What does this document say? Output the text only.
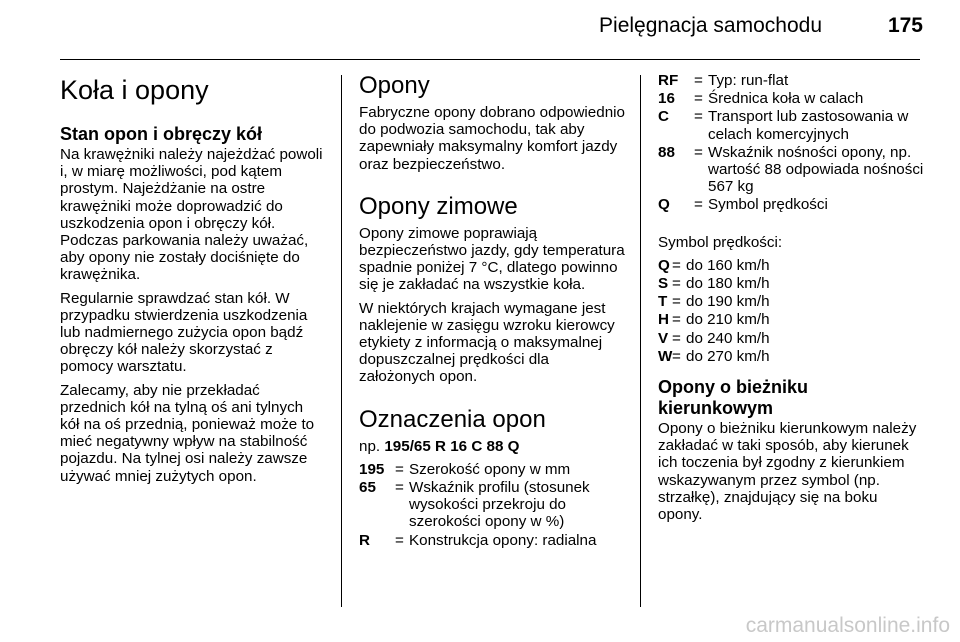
Pielęgnacja samochodu	175
Koła i opony
Stan opon i obręczy kół

Na krawężniki należy najeżdżać powoli i, w miarę możliwości, pod kątem prostym. Najeżdżanie na ostre krawężniki może doprowadzić do uszkodzenia opon i obręczy kół. Podczas parkowania należy uważać, aby opony nie zostały dociśnięte do krawężnika.

Regularnie sprawdzać stan kół. W przypadku stwierdzenia uszkodzenia lub nadmiernego zużycia opon bądź obręczy kół należy skorzystać z pomocy warsztatu.

Zalecamy, aby nie przekładać przednich kół na tylną oś ani tylnych kół na oś przednią, ponieważ może to mieć negatywny wpływ na stabilność pojazdu. Na tylnej osi należy zawsze używać mniej zużytych opon.

Opony

Fabryczne opony dobrano odpowiednio do podwozia samochodu, tak aby zapewniały maksymalny komfort jazdy oraz bezpieczeństwo.

Opony zimowe

Opony zimowe poprawiają bezpieczeństwo jazdy, gdy temperatura spadnie poniżej 7 °C, dlatego powinno się je zakładać na wszystkie koła.

W niektórych krajach wymagane jest naklejenie w zasięgu wzroku kierowcy etykiety z informacją o maksymalnej dopuszczalnej prędkości dla założonych opon.

Oznaczenia opon

np. 195/65 R 16 C 88 Q

195 = Szerokość opony w mm
65	= Wskaźnik profilu (stosunek wysokości przekroju do szerokości opony w %)
R	= Konstrukcja opony: radialna
RF	= Typ: run-flat
16	= Średnica koła w calach
C	= Transport lub zastosowania w celach komercyjnych
88	= Wskaźnik nośności opony, np. wartość 88 odpowiada nośności 567 kg
Q	= Symbol prędkości

Symbol prędkości:

Q = do 160 km/h
S = do 180 km/h
T = do 190 km/h
H = do 210 km/h
V = do 240 km/h
W = do 270 km/h
Opony o bieżniku kierunkowym

Opony o bieżniku kierunkowym należy zakładać w taki sposób, aby kierunek ich toczenia był zgodny z kierunkiem wskazywanym przez symbol (np. strzałkę), znajdujący się na boku opony.

carmanualsonline.info
